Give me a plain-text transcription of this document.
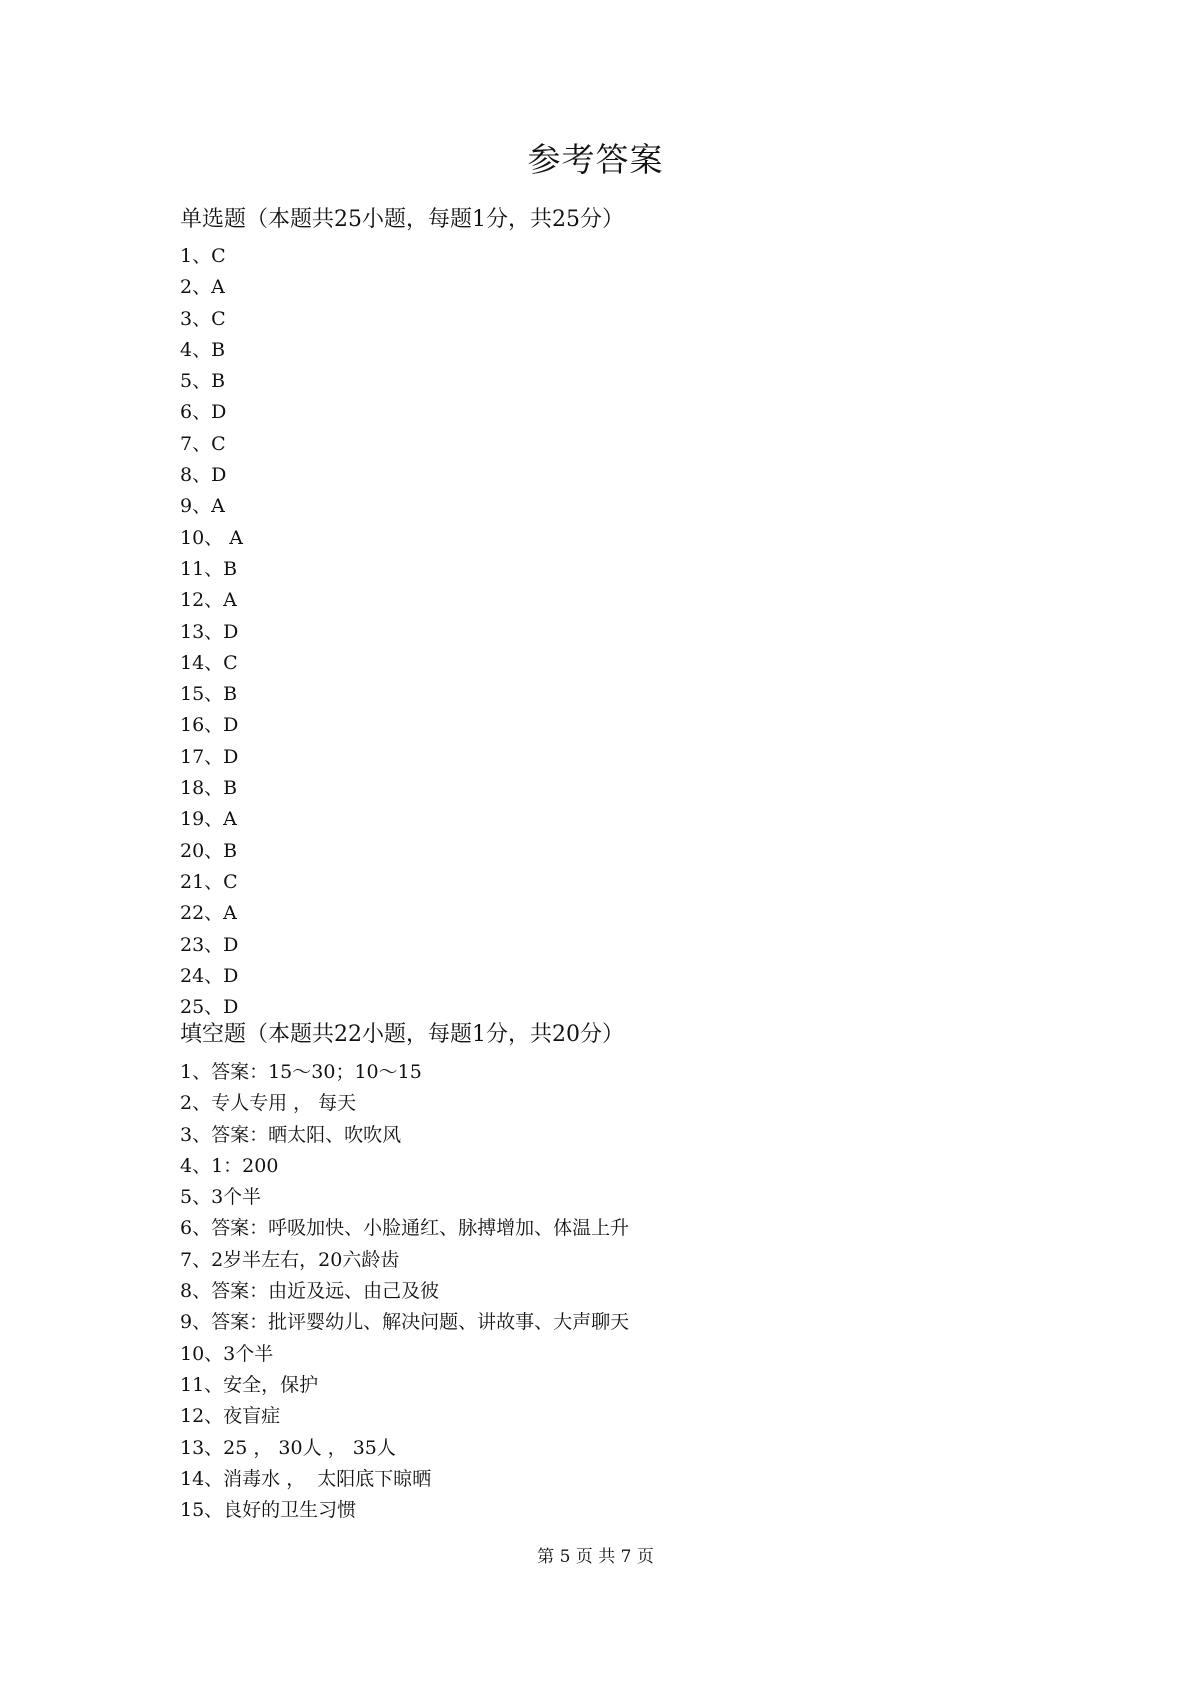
参考答案
单选题（本题共25小题，每题1分，共25分）
1、C
2、A
3、C
4、B
5、B
6、D
7、C
8、D
9、A
10、 A
11、B
12、A
13、D
14、C
15、B
16、D
17、D
18、B
19、A
20、B
21、C
22、A
23、D
24、D
25、D
填空题（本题共22小题，每题1分，共20分）
1、答案：15～30；10～15
2、专人专用 ， 每天
3、答案：晒太阳、吹吹风
4、1：200
5、3个半
6、答案：呼吸加快、小脸通红、脉搏增加、体温上升
7、2岁半左右，20六龄齿
8、答案：由近及远、由己及彼
9、答案：批评婴幼儿、解决问题、讲故事、大声聊天
10、3个半
11、安全，保护
12、夜盲症
13、25 ， 30人 ， 35人
14、消毒水 ，  太阳底下晾晒
15、良好的卫生习惯
第 5 页 共 7 页
